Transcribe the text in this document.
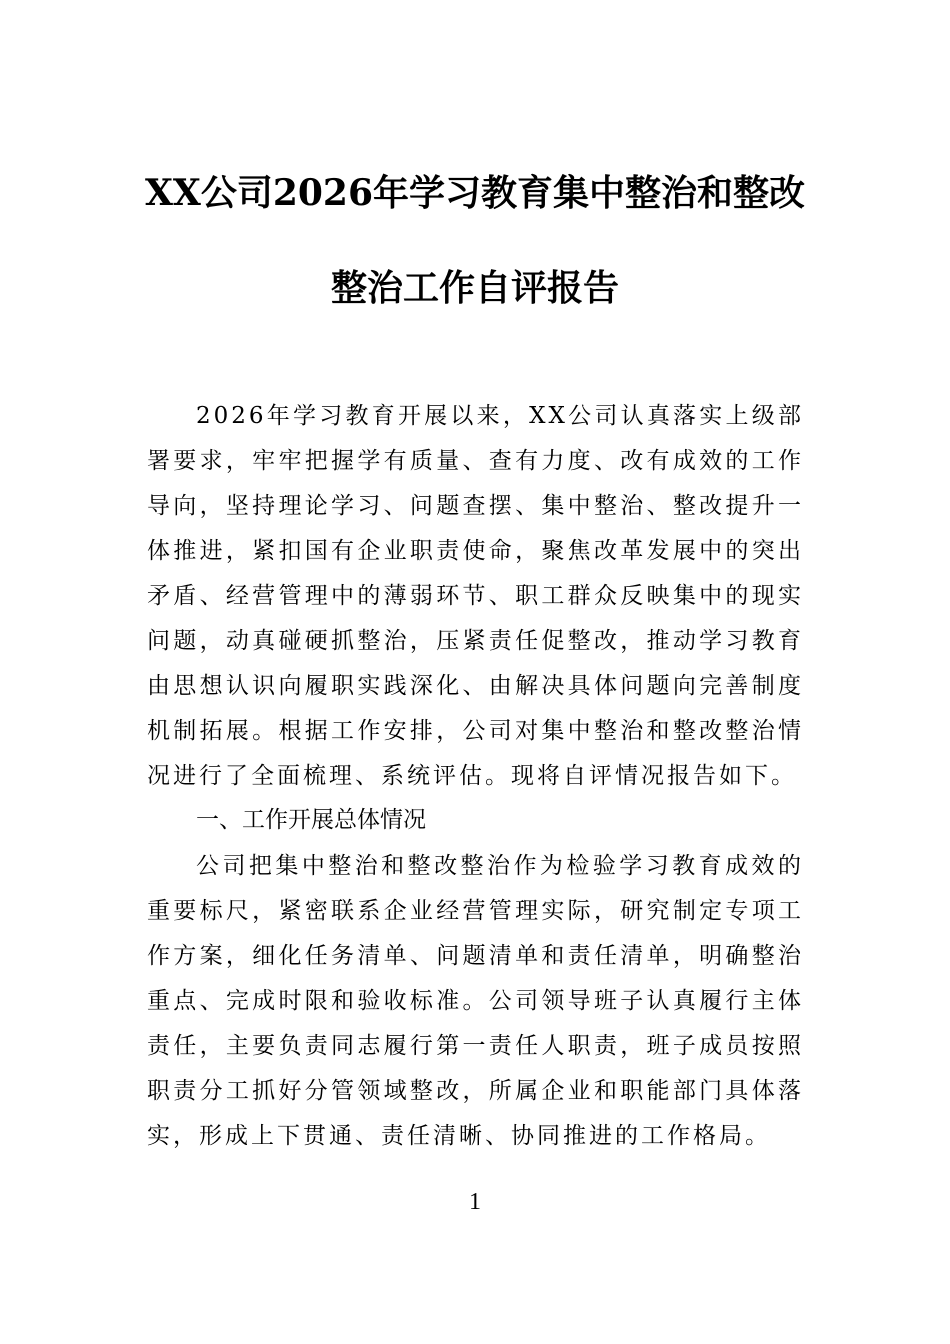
XX公司2026年学习教育集中整治和整改
整治工作自评报告

2026年学习教育开展以来，XX公司认真落实上级部署要求，牢牢把握学有质量、查有力度、改有成效的工作导向，坚持理论学习、问题查摆、集中整治、整改提升一体推进，紧扣国有企业职责使命，聚焦改革发展中的突出矛盾、经营管理中的薄弱环节、职工群众反映集中的现实问题，动真碰硬抓整治，压紧责任促整改，推动学习教育由思想认识向履职实践深化、由解决具体问题向完善制度机制拓展。根据工作安排，公司对集中整治和整改整治情况进行了全面梳理、系统评估。现将自评情况报告如下。

一、工作开展总体情况

公司把集中整治和整改整治作为检验学习教育成效的重要标尺，紧密联系企业经营管理实际，研究制定专项工作方案，细化任务清单、问题清单和责任清单，明确整治重点、完成时限和验收标准。公司领导班子认真履行主体责任，主要负责同志履行第一责任人职责，班子成员按照职责分工抓好分管领域整改，所属企业和职能部门具体落实，形成上下贯通、责任清晰、协同推进的工作格局。

1
